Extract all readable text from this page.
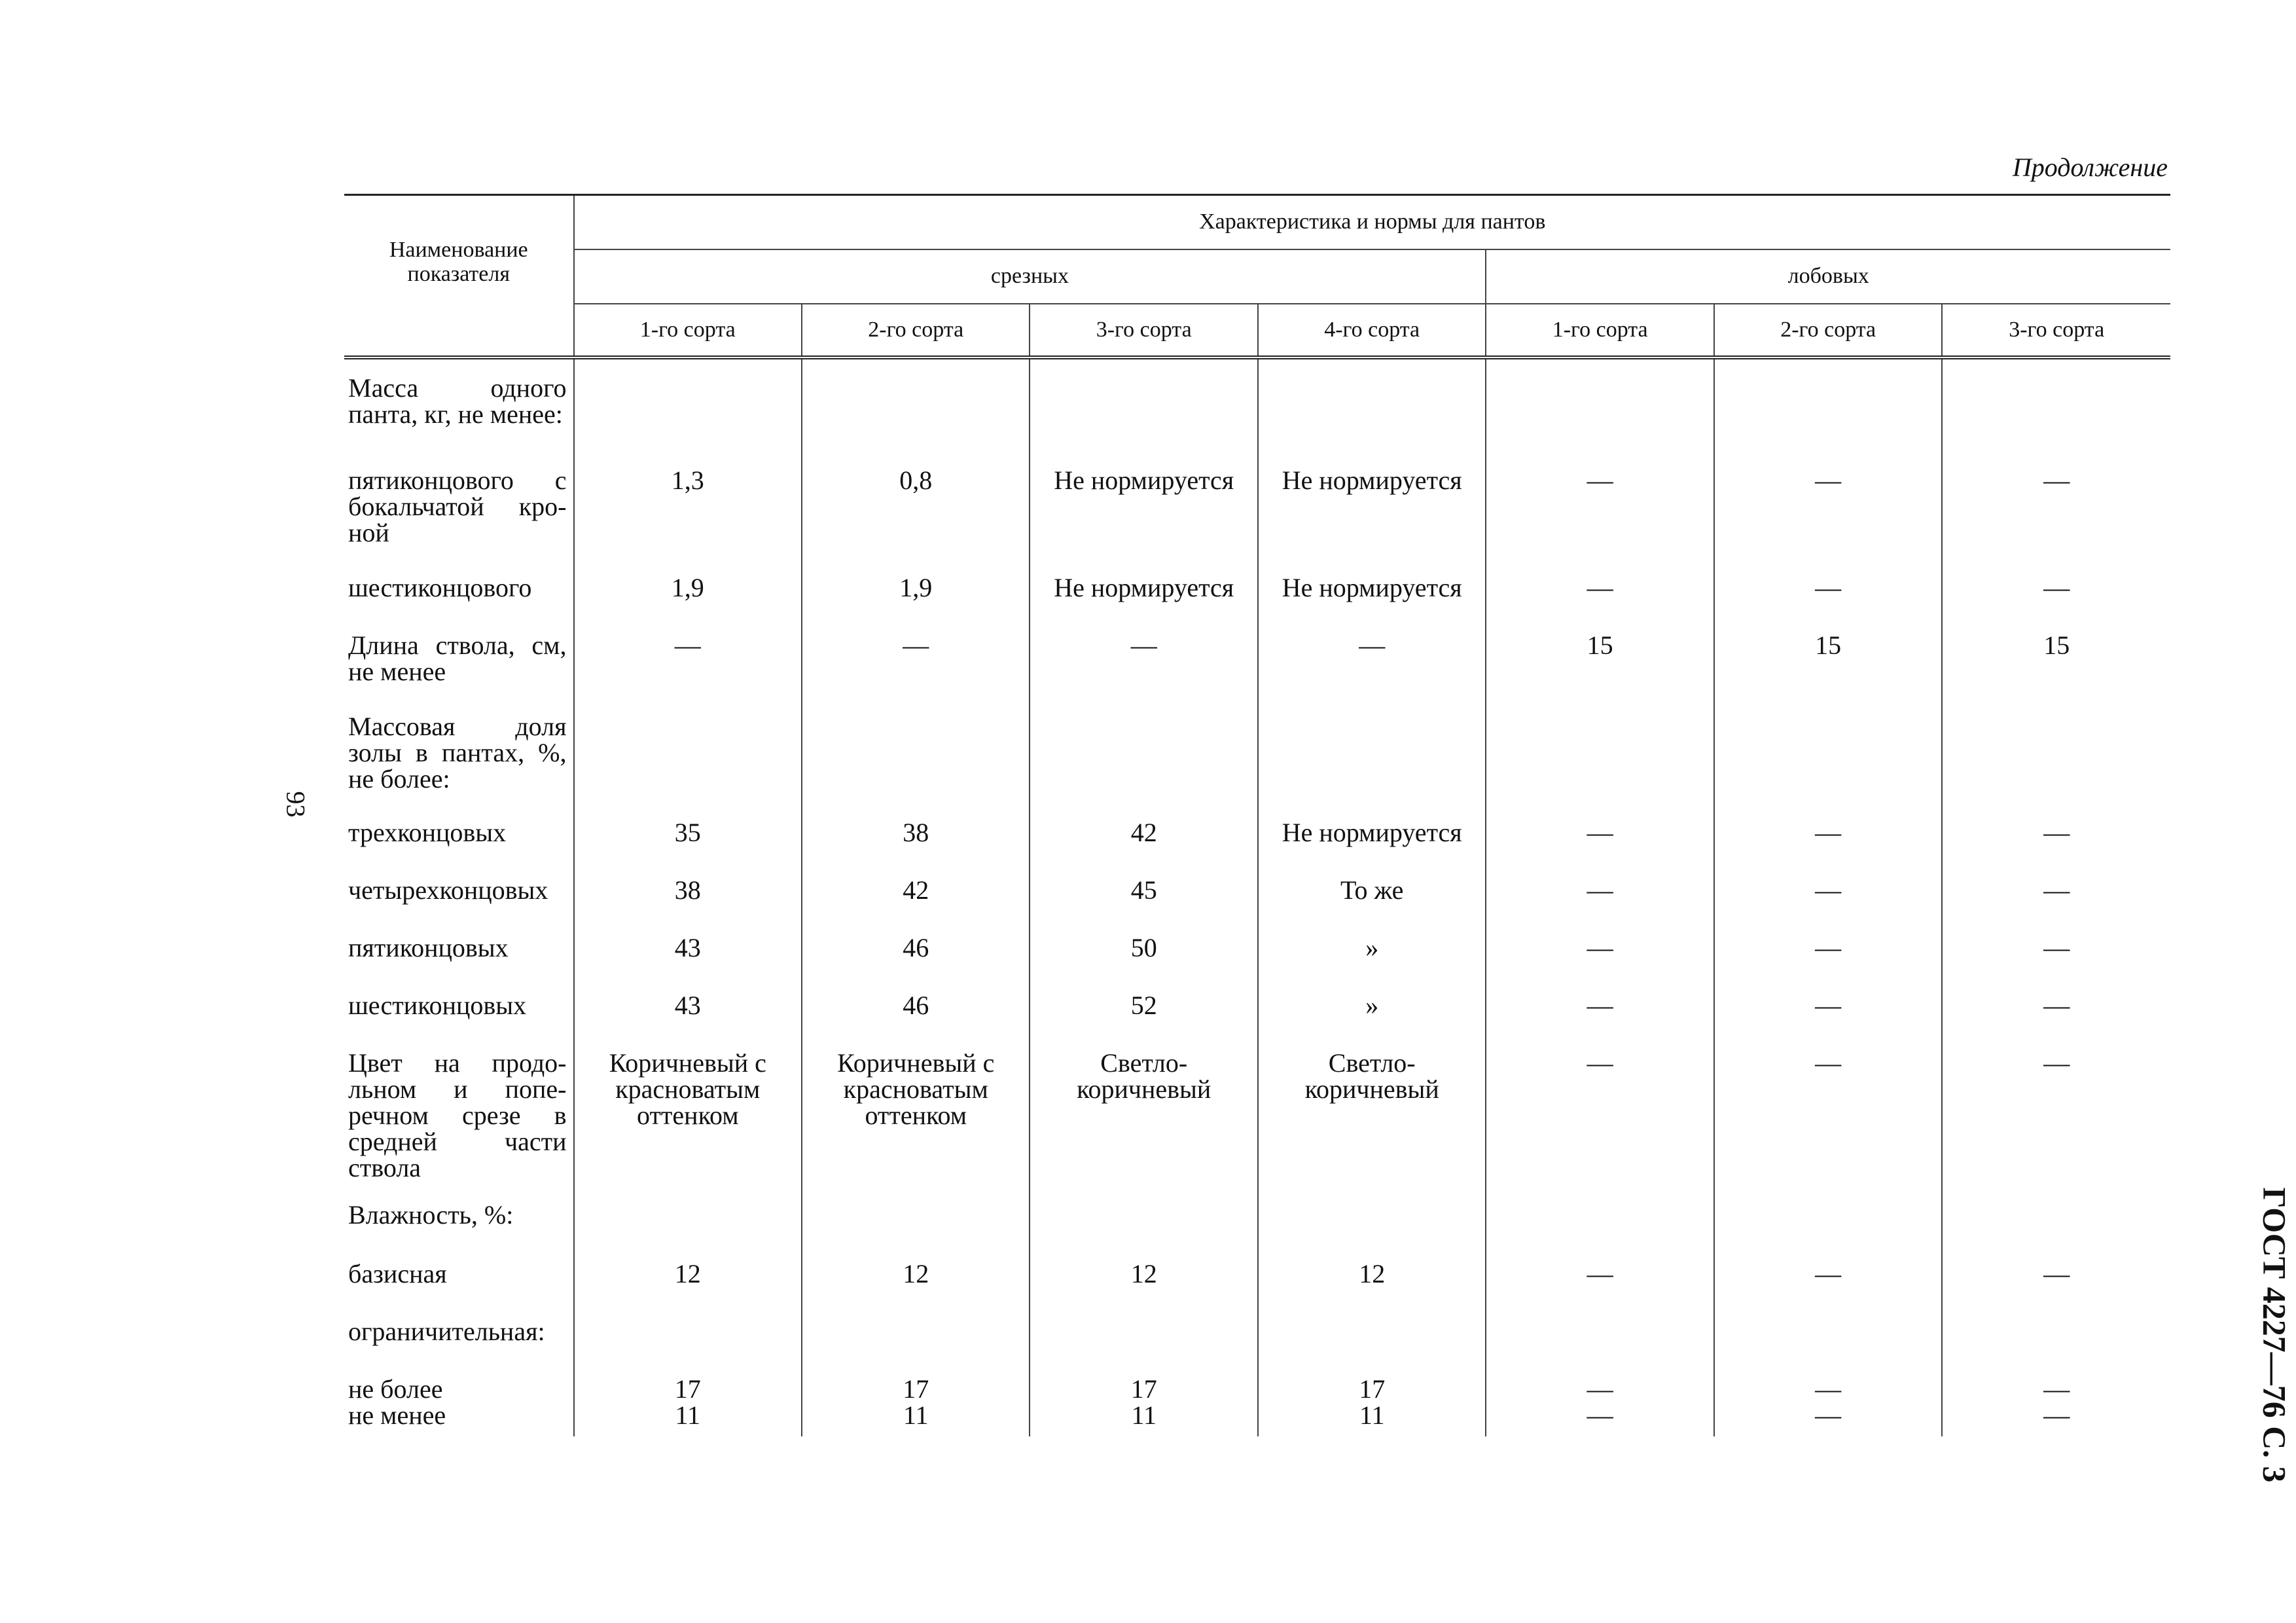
Продолжение
93
ГОСТ 4227—76 С. 3
Наименование показателя	Характеристика и нормы для пантов						
	срезных				лобовых		
	1-го сорта	2-го сорта	3-го сорта	4-го сорта	1-го сорта	2-го сорта	3-го сорта
Масса одного панта, кг, не менее:							
пятиконцового с бокальчатой кроной	1,3	0,8	Не нормируется	Не нормируется	—	—	—
шестиконцового	1,9	1,9	Не нормируется	Не нормируется	—	—	—
Длина ствола, см, не менее	—	—	—	—	15	15	15
Массовая доля золы в пантах, %, не более:							
трехконцовых	35	38	42	Не нормируется	—	—	—
четырехконцовых	38	42	45	То же	—	—	—
пятиконцовых	43	46	50	»	—	—	—
шестиконцовых	43	46	52	»	—	—	—
Цвет на продольном и поперечном срезе в средней части ствола	Коричневый с красноватым оттенком	Коричневый с красноватым оттенком	Светло-коричневый	Светло-коричневый	—	—	—
Влажность, %:							
базисная	12	12	12	12	—	—	—
ограничительная:							
не более	17	17	17	17	—	—	—
не менее	11	11	11	11	—	—	—
